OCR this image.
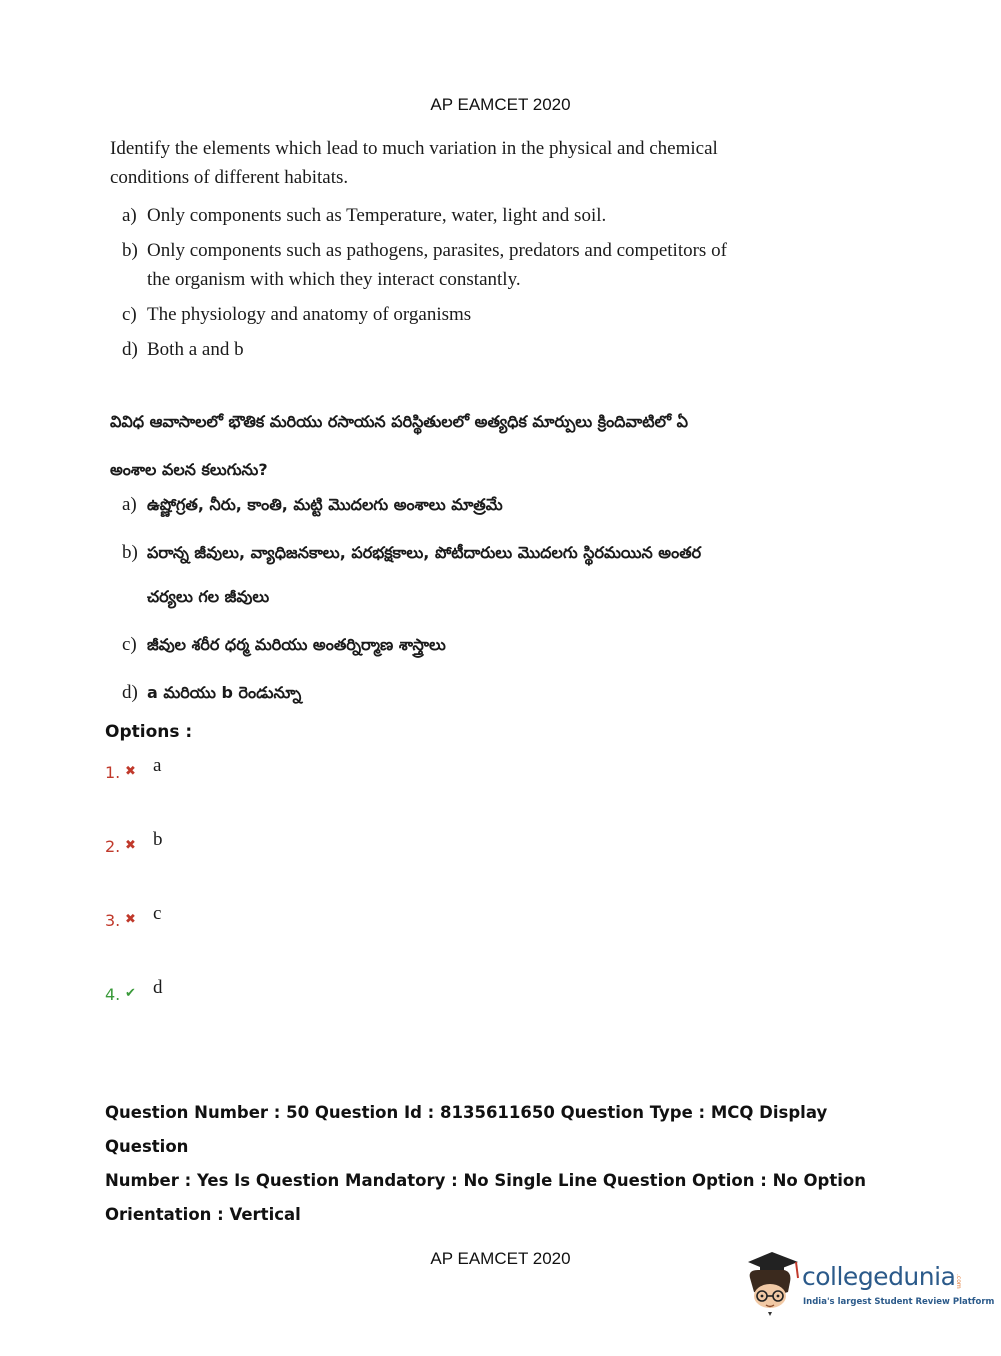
AP EAMCET 2020
Identify the elements which lead to much variation in the physical and chemical conditions of different habitats.
a) Only components such as Temperature, water, light and soil.
b) Only components such as pathogens, parasites, predators and competitors of the organism with which they interact constantly.
c) The physiology and anatomy of organisms
d) Both a and b
వివిధ ఆవాసాలలో భౌతిక మరియు రసాయన పరిస్థితులలో అత్యధిక మార్పులు క్రిందివాటిలో ఏ అంశాల వలన కలుగును?
a) ఉష్ణోగ్రత, నీరు, కాంతి, మట్టి మొదలగు అంశాలు మాత్రమే
b) పరాన్న జీవులు, వ్యాధిజనకాలు, పరభక్షకాలు, పోటీదారులు మొదలగు స్థిరమయిన అంతర చర్యలు గల జీవులు
c) జీవుల శరీర ధర్మ మరియు అంతర్నిర్మాణ శాస్త్రాలు
d) a మరియు b రెండున్నూ
Options :
1. ✖ a
2. ✖ b
3. ✖ c
4. ✔ d
Question Number : 50 Question Id : 8135611650 Question Type : MCQ Display Question
Number : Yes Is Question Mandatory : No Single Line Question Option : No Option
Orientation : Vertical
AP EAMCET 2020
collegedunia .com
India's largest Student Review Platform
